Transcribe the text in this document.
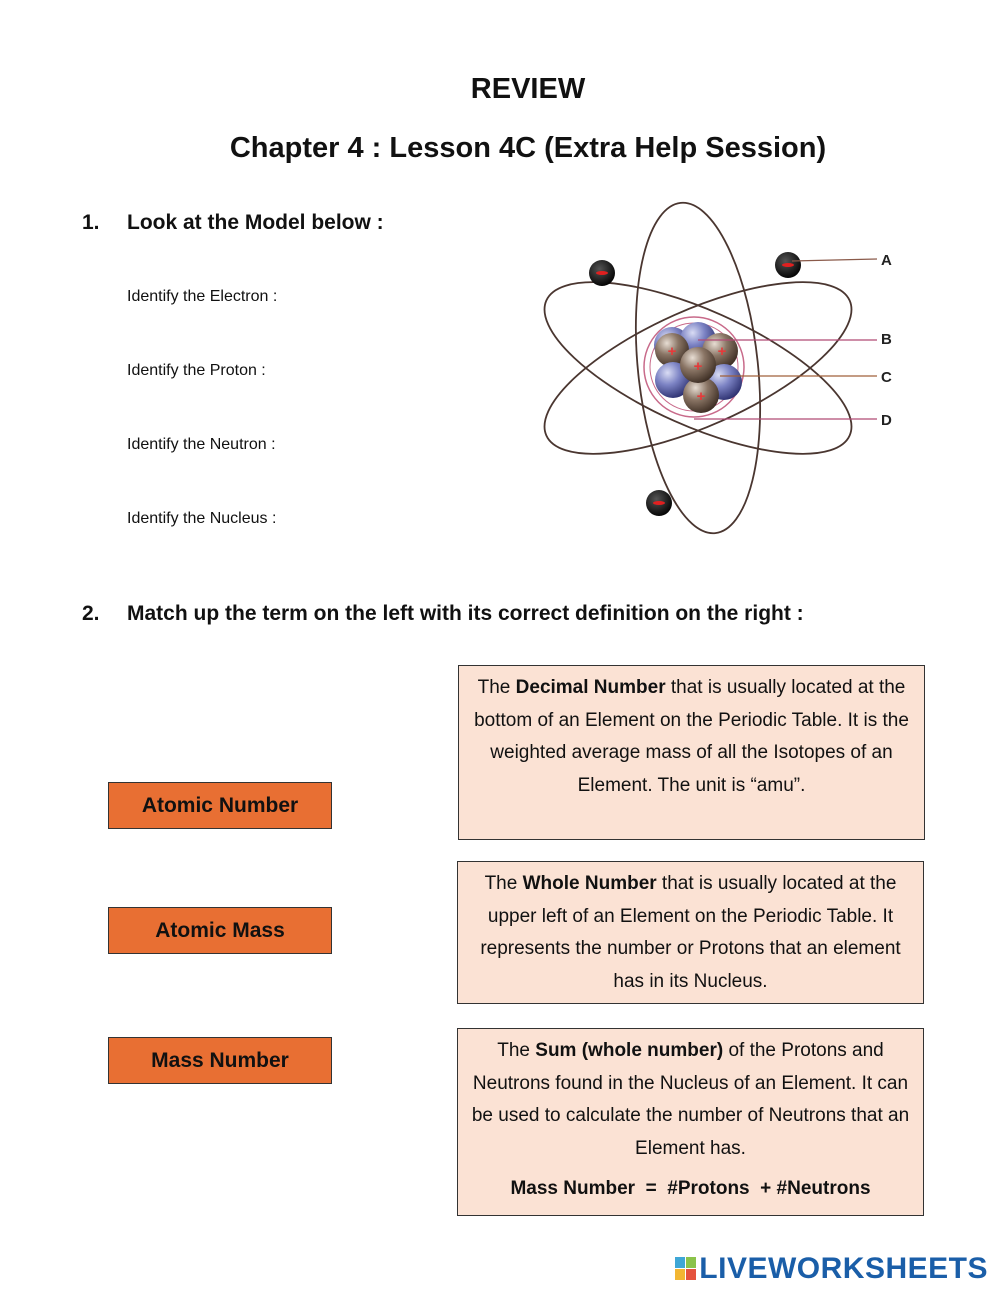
REVIEW
Chapter 4 : Lesson 4C (Extra Help Session)
1. Look at the Model below :
Identify the Electron :
Identify the Proton :
Identify the Neutron :
Identify the Nucleus :
+	+
+
+
A
B
C
D
2. Match up the term on the left with its correct definition on the right :
Atomic Number
Atomic Mass
Mass Number
The Decimal Number that is usually located at the bottom of an Element on the Periodic Table. It is the weighted average mass of all the Isotopes of an Element. The unit is “amu”.
The Whole Number that is usually located at the upper left of an Element on the Periodic Table. It represents the number or Protons that an element has in its Nucleus.
The Sum (whole number) of the Protons and Neutrons found in the Nucleus of an Element. It can be used to calculate the number of Neutrons that an Element has.
Mass Number  =  #Protons  + #Neutrons
LIVEWORKSHEETS
